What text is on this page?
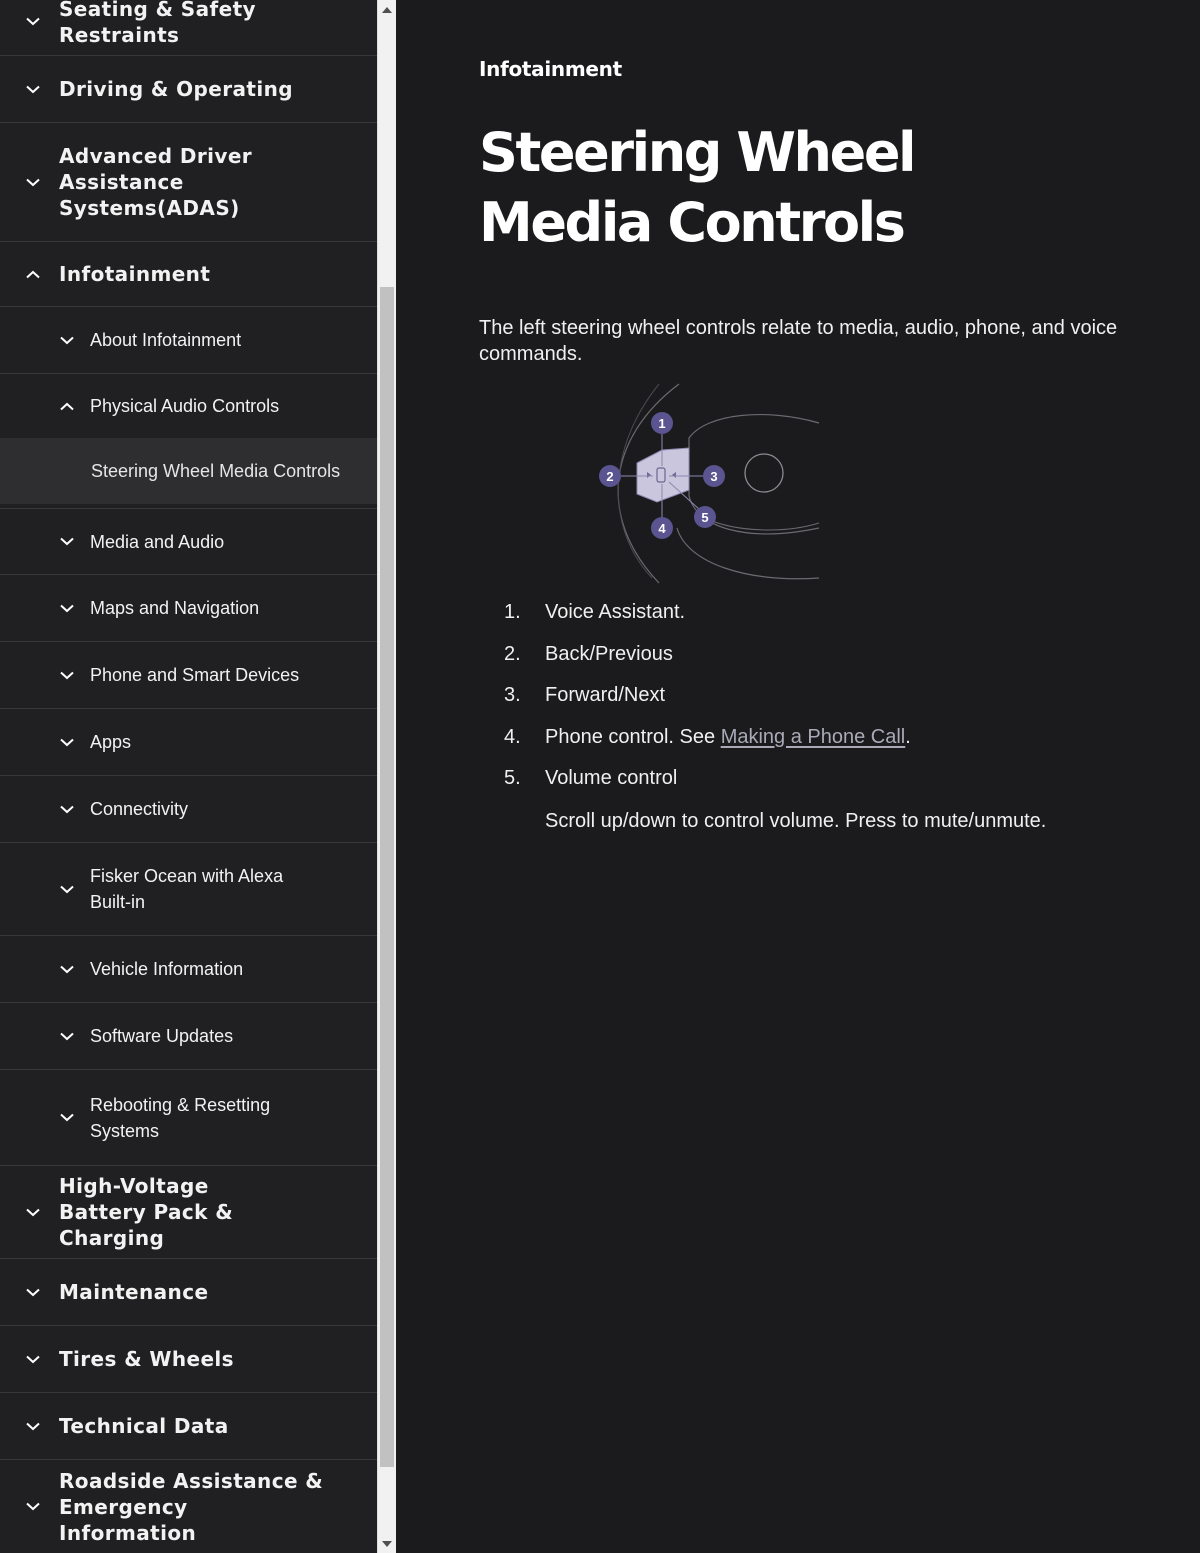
Seating & Safety Restraints
Driving & Operating
Advanced Driver Assistance Systems(ADAS)
Infotainment
About Infotainment
Physical Audio Controls
Steering Wheel Media Controls
Media and Audio
Maps and Navigation
Phone and Smart Devices
Apps
Connectivity
Fisker Ocean with Alexa Built-in
Vehicle Information
Software Updates
Rebooting & Resetting Systems
High-Voltage Battery Pack & Charging
Maintenance
Tires & Wheels
Technical Data
Roadside Assistance & Emergency Information
Infotainment
Steering Wheel Media Controls

The left steering wheel controls relate to media, audio, phone, and voice commands.

1
2	3
4
5
1.	Voice Assistant.
2.	Back/Previous
3.	Forward/Next
4.	Phone control. See Making a Phone Call.
5.	Volume control
Scroll up/down to control volume. Press to mute/unmute.
